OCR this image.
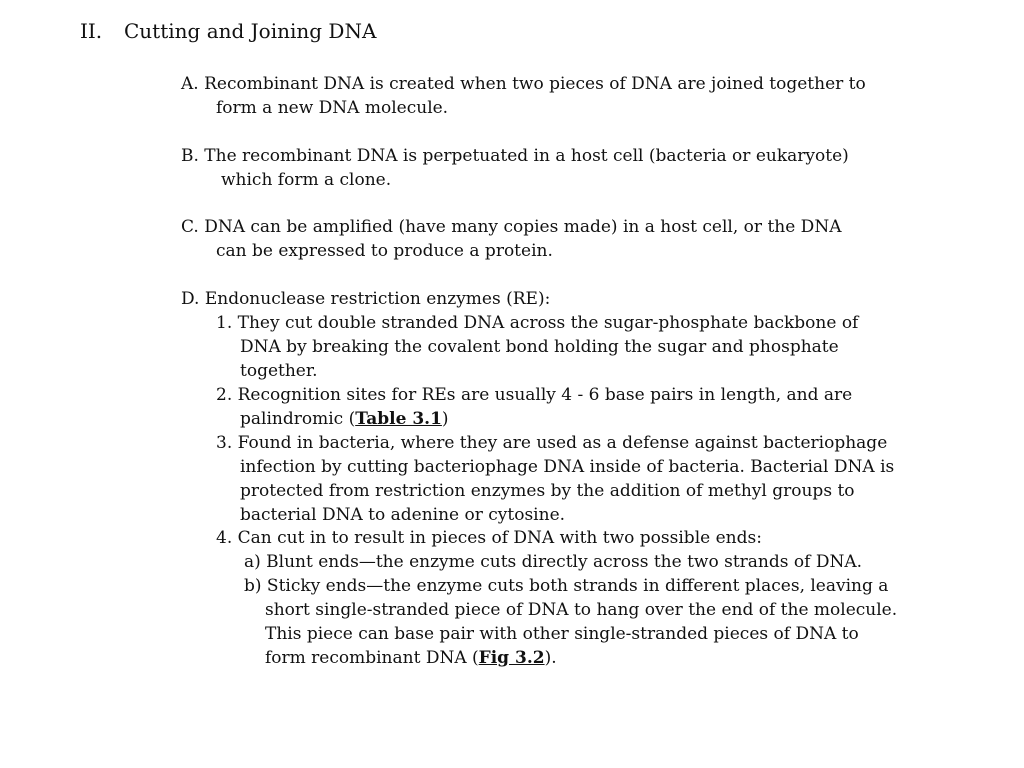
II. Cutting and Joining DNA
A. Recombinant DNA is created when two pieces of DNA are joined together to
form a new DNA molecule.
B. The recombinant DNA is perpetuated in a host cell (bacteria or eukaryote)
which form a clone.
C. DNA can be amplified (have many copies made) in a host cell, or the DNA
can be expressed to produce a protein.
D. Endonuclease restriction enzymes (RE):
1. They cut double stranded DNA across the sugar-phosphate backbone of
DNA by breaking the covalent bond holding the sugar and phosphate
together.
2. Recognition sites for REs are usually 4 - 6 base pairs in length, and are
palindromic (Table 3.1)
3. Found in bacteria, where they are used as a defense against bacteriophage
infection by cutting bacteriophage DNA inside of bacteria. Bacterial DNA is
protected from restriction enzymes by the addition of methyl groups to
bacterial DNA to adenine or cytosine.
4. Can cut in to result in pieces of DNA with two possible ends:
a) Blunt ends—the enzyme cuts directly across the two strands of DNA.
b) Sticky ends—the enzyme cuts both strands in different places, leaving a
short single-stranded piece of DNA to hang over the end of the molecule.
This piece can base pair with other single-stranded pieces of DNA to
form recombinant DNA (Fig 3.2).
